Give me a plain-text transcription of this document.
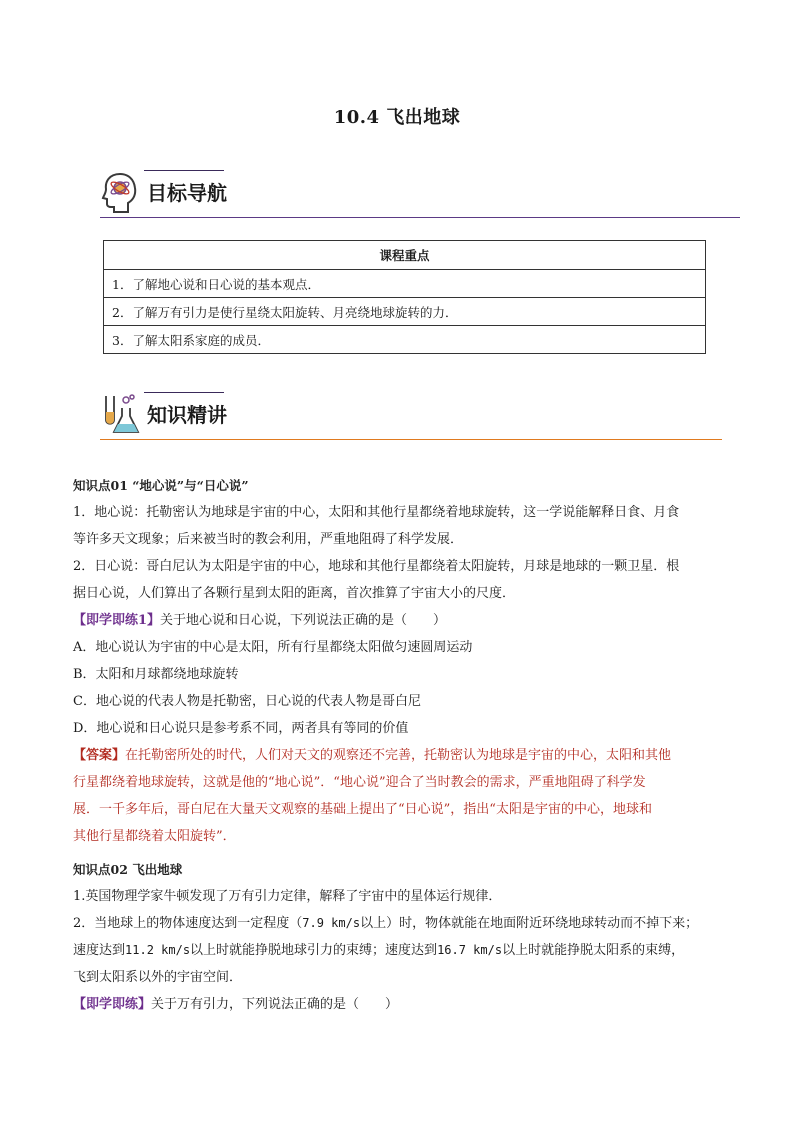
10.4 飞出地球
目标导航
课程重点
1．了解地心说和日心说的基本观点．
2．了解万有引力是使行星绕太阳旋转、月亮绕地球旋转的力．
3．了解太阳系家庭的成员．
知识精讲

知识点01 “地心说”与“日心说”

1．地心说：托勒密认为地球是宇宙的中心，太阳和其他行星都绕着地球旋转，这一学说能解释日食、月食

等许多天文现象；后来被当时的教会利用，严重地阻碍了科学发展．

2．日心说：哥白尼认为太阳是宇宙的中心，地球和其他行星都绕着太阳旋转，月球是地球的一颗卫星．根

据日心说，人们算出了各颗行星到太阳的距离，首次推算了宇宙大小的尺度．

【即学即练1】关于地心说和日心说，下列说法正确的是（　　）

A．地心说认为宇宙的中心是太阳，所有行星都绕太阳做匀速圆周运动

B．太阳和月球都绕地球旋转

C．地心说的代表人物是托勒密，日心说的代表人物是哥白尼

D．地心说和日心说只是参考系不同，两者具有等同的价值

【答案】在托勒密所处的时代，人们对天文的观察还不完善，托勒密认为地球是宇宙的中心，太阳和其他

行星都绕着地球旋转，这就是他的“地心说”．“地心说”迎合了当时教会的需求，严重地阻碍了科学发

展．一千多年后，哥白尼在大量天文观察的基础上提出了“日心说”，指出“太阳是宇宙的中心，地球和

其他行星都绕着太阳旋转”．

知识点02 飞出地球

1.英国物理学家牛顿发现了万有引力定律，解释了宇宙中的星体运行规律．

2．当地球上的物体速度达到一定程度（7.9 km/s以上）时，物体就能在地面附近环绕地球转动而不掉下来；

速度达到11.2 km/s以上时就能挣脱地球引力的束缚；速度达到16.7 km/s以上时就能挣脱太阳系的束缚，

飞到太阳系以外的宇宙空间．

【即学即练】关于万有引力，下列说法正确的是（　　）
